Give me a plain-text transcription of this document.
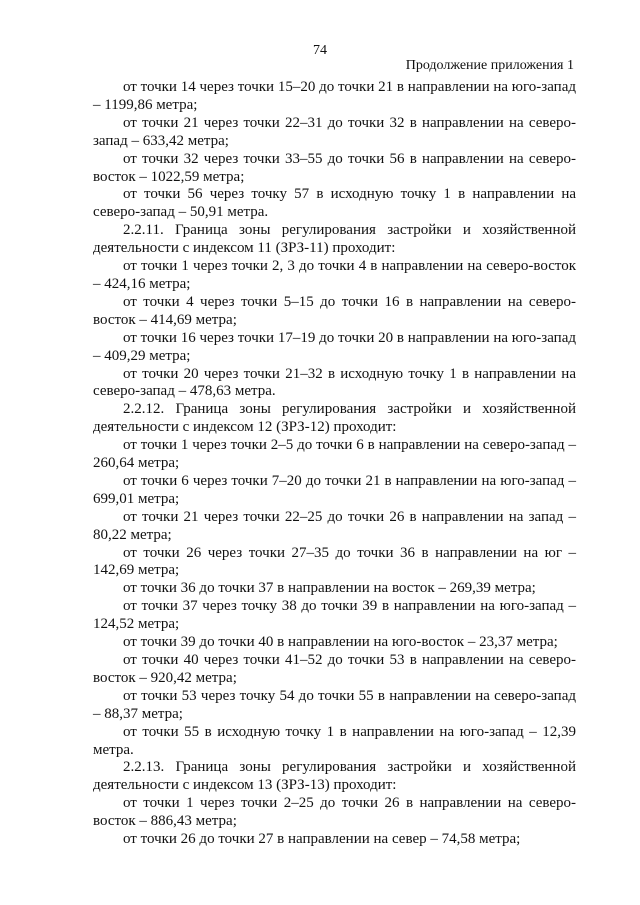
74
Продолжение приложения 1

от точки 14 через точки 15–20 до точки 21 в направлении на юго-запад – 1199,86 метра;

от точки 21 через точки 22–31 до точки 32 в направлении на северо-запад – 633,42 метра;

от точки 32 через точки 33–55 до точки 56 в направлении на северо-восток – 1022,59 метра;

от точки 56 через точку 57 в исходную точку 1 в направлении на северо-запад – 50,91 метра.

2.2.11. Граница зоны регулирования застройки и хозяйственной деятельности с индексом 11 (ЗРЗ-11) проходит:

от точки 1 через точки 2, 3 до точки 4 в направлении на северо-восток – 424,16 метра;

от точки 4 через точки 5–15 до точки 16 в направлении на северо-восток – 414,69 метра;

от точки 16 через точки 17–19 до точки 20 в направлении на юго-запад – 409,29 метра;

от точки 20 через точки 21–32 в исходную точку 1 в направлении на северо-запад – 478,63 метра.

2.2.12. Граница зоны регулирования застройки и хозяйственной деятельности с индексом 12 (ЗРЗ-12) проходит:

от точки 1 через точки 2–5 до точки 6 в направлении на северо-запад – 260,64 метра;

от точки 6 через точки 7–20 до точки 21 в направлении на юго-запад – 699,01 метра;

от точки 21 через точки 22–25 до точки 26 в направлении на запад – 80,22 метра;

от точки 26 через точки 27–35 до точки 36 в направлении на юг – 142,69 метра;

от точки 36 до точки 37 в направлении на восток – 269,39 метра;

от точки 37 через точку 38 до точки 39 в направлении на юго-запад – 124,52 метра;

от точки 39 до точки 40 в направлении на юго-восток – 23,37 метра;

от точки 40 через точки 41–52 до точки 53 в направлении на северо-восток – 920,42 метра;

от точки 53 через точку 54 до точки 55 в направлении на северо-запад – 88,37 метра;

от точки 55 в исходную точку 1 в направлении на юго-запад – 12,39 метра.

2.2.13. Граница зоны регулирования застройки и хозяйственной деятельности с индексом 13 (ЗРЗ-13) проходит:

от точки 1 через точки 2–25 до точки 26 в направлении на северо-восток – 886,43 метра;

от точки 26 до точки 27 в направлении на север – 74,58 метра;
